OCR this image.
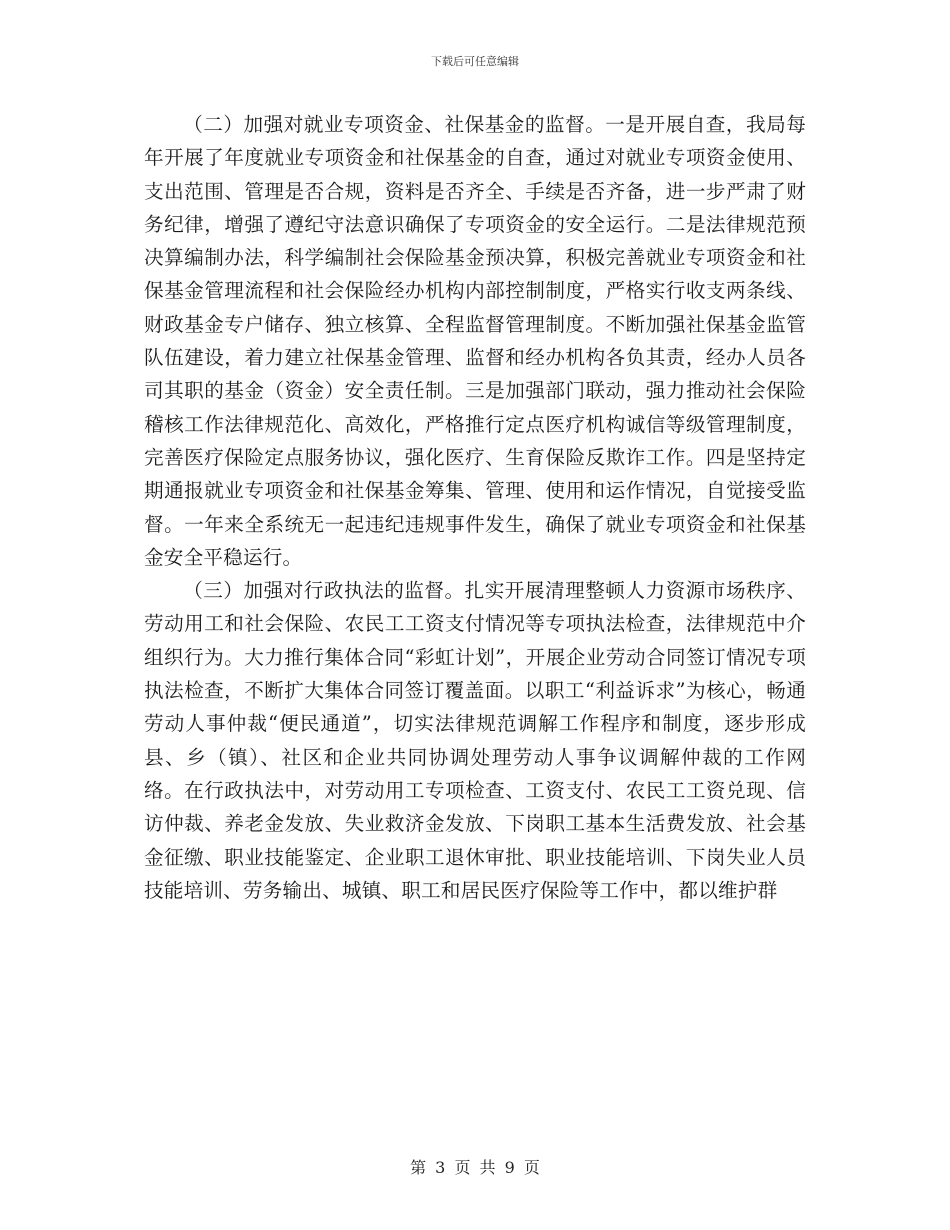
下载后可任意编辑

（二）加强对就业专项资金、社保基金的监督。一是开展自查，我局每年开展了年度就业专项资金和社保基金的自查，通过对就业专项资金使用、支出范围、管理是否合规，资料是否齐全、手续是否齐备，进一步严肃了财务纪律，增强了遵纪守法意识确保了专项资金的安全运行。二是法律规范预决算编制办法，科学编制社会保险基金预决算，积极完善就业专项资金和社保基金管理流程和社会保险经办机构内部控制制度，严格实行收支两条线、财政基金专户储存、独立核算、全程监督管理制度。不断加强社保基金监管队伍建设，着力建立社保基金管理、监督和经办机构各负其责，经办人员各司其职的基金（资金）安全责任制。三是加强部门联动，强力推动社会保险稽核工作法律规范化、高效化，严格推行定点医疗机构诚信等级管理制度，完善医疗保险定点服务协议，强化医疗、生育保险反欺诈工作。四是坚持定期通报就业专项资金和社保基金筹集、管理、使用和运作情况，自觉接受监督。一年来全系统无一起违纪违规事件发生，确保了就业专项资金和社保基金安全平稳运行。

（三）加强对行政执法的监督。扎实开展清理整顿人力资源市场秩序、劳动用工和社会保险、农民工工资支付情况等专项执法检查，法律规范中介组织行为。大力推行集体合同“彩虹计划”，开展企业劳动合同签订情况专项执法检查，不断扩大集体合同签订覆盖面。以职工“利益诉求”为核心，畅通劳动人事仲裁“便民通道”，切实法律规范调解工作程序和制度，逐步形成县、乡（镇）、社区和企业共同协调处理劳动人事争议调解仲裁的工作网络。在行政执法中，对劳动用工专项检查、工资支付、农民工工资兑现、信访仲裁、养老金发放、失业救济金发放、下岗职工基本生活费发放、社会基金征缴、职业技能鉴定、企业职工退休审批、职业技能培训、下岗失业人员技能培训、劳务输出、城镇、职工和居民医疗保险等工作中，都以维护群

第 3 页 共 9 页
